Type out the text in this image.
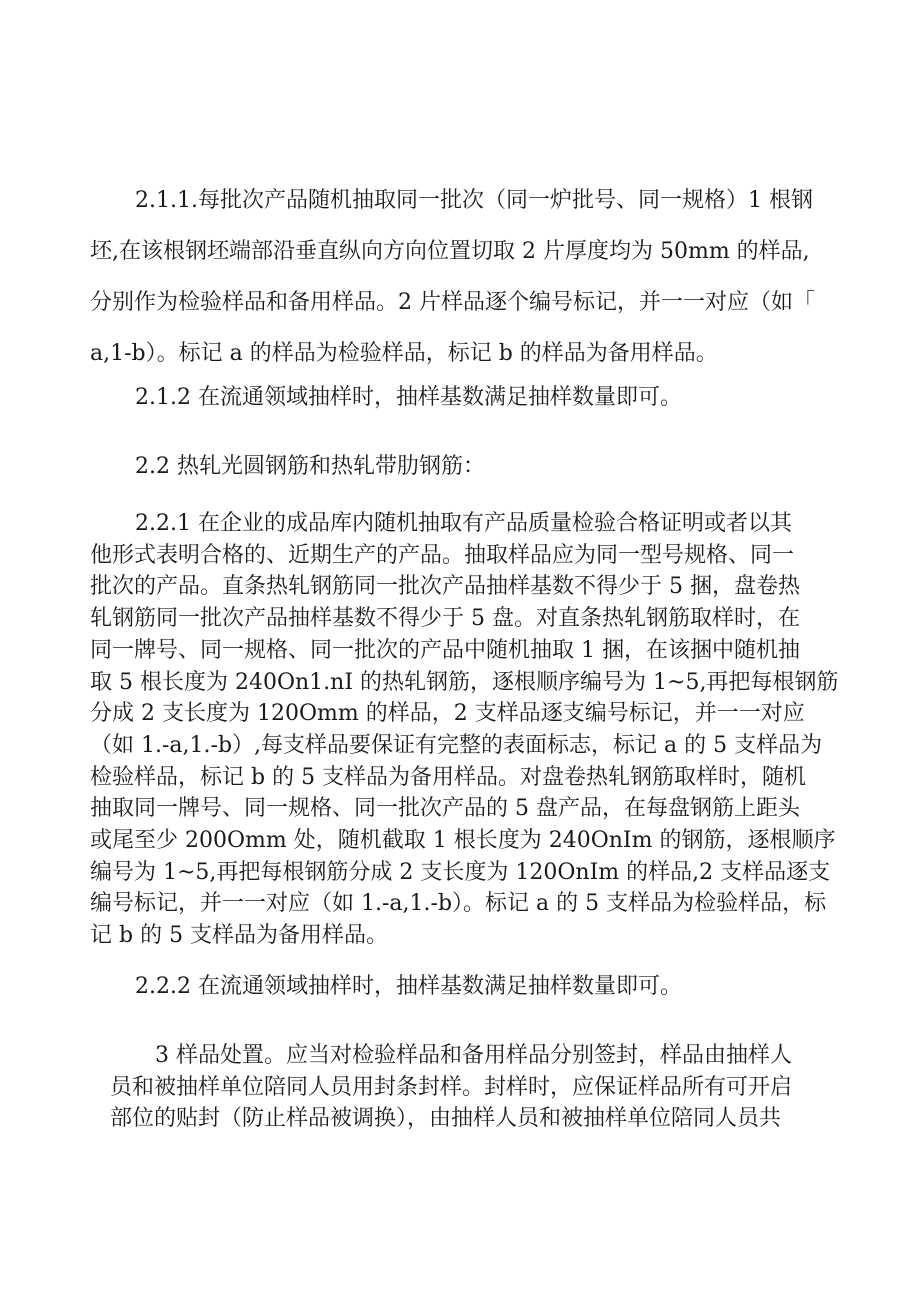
2.1.1.每批次产品随机抽取同一批次（同一炉批号、同一规格）1 根钢
坯,在该根钢坯端部沿垂直纵向方向位置切取 2 片厚度均为 50mm 的样品,
分别作为检验样品和备用样品。2 片样品逐个编号标记，并一一对应（如「
a,1-b）。标记 a 的样品为检验样品，标记 b 的样品为备用样品。

2.1.2 在流通领域抽样时，抽样基数满足抽样数量即可。

2.2 热轧光圆钢筋和热轧带肋钢筋：

2.2.1 在企业的成品库内随机抽取有产品质量检验合格证明或者以其
他形式表明合格的、近期生产的产品。抽取样品应为同一型号规格、同一
批次的产品。直条热轧钢筋同一批次产品抽样基数不得少于 5 捆，盘卷热
轧钢筋同一批次产品抽样基数不得少于 5 盘。对直条热轧钢筋取样时，在
同一牌号、同一规格、同一批次的产品中随机抽取 1 捆，在该捆中随机抽
取 5 根长度为 240On1.nI 的热轧钢筋，逐根顺序编号为 1~5,再把每根钢筋
分成 2 支长度为 120Omm 的样品，2 支样品逐支编号标记，并一一对应
（如 1.-a,1.-b）,每支样品要保证有完整的表面标志，标记 a 的 5 支样品为
检验样品，标记 b 的 5 支样品为备用样品。对盘卷热轧钢筋取样时，随机
抽取同一牌号、同一规格、同一批次产品的 5 盘产品，在每盘钢筋上距头
或尾至少 200Omm 处，随机截取 1 根长度为 240OnIm 的钢筋，逐根顺序
编号为 1~5,再把每根钢筋分成 2 支长度为 120OnIm 的样品,2 支样品逐支
编号标记，并一一对应（如 1.-a,1.-b）。标记 a 的 5 支样品为检验样品，标
记 b 的 5 支样品为备用样品。

2.2.2 在流通领域抽样时，抽样基数满足抽样数量即可。

3 样品处置。应当对检验样品和备用样品分别签封，样品由抽样人
员和被抽样单位陪同人员用封条封样。封样时，应保证样品所有可开启
部位的贴封（防止样品被调换），由抽样人员和被抽样单位陪同人员共
